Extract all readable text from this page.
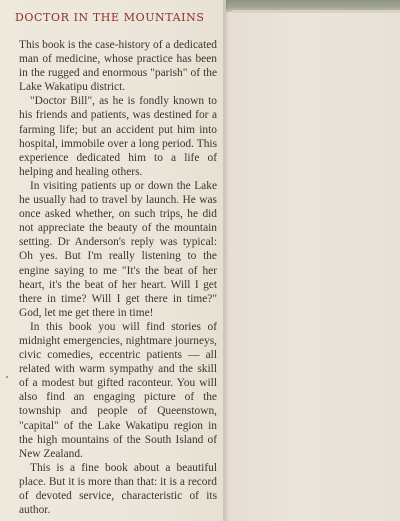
DOCTOR IN THE MOUNTAINS

This book is the case-history of a dedicated man of medicine, whose practice has been in the rugged and enormous "parish" of the Lake Wakatipu district.

"Doctor Bill", as he is fondly known to his friends and patients, was destined for a farming life; but an accident put him into hospital, immobile over a long period. This experience dedicated him to a life of helping and healing others.

In visiting patients up or down the Lake he usually had to travel by launch. He was once asked whether, on such trips, he did not appreciate the beauty of the mountain setting. Dr Anderson's reply was typical: Oh yes. But I'm really listening to the engine saying to me "It's the beat of her heart, it's the beat of her heart. Will I get there in time? Will I get there in time?" God, let me get there in time!

In this book you will find stories of midnight emergencies, nightmare journeys, civic comedies, eccentric patients — all related with warm sympathy and the skill of a modest but gifted raconteur. You will also find an engaging picture of the township and people of Queenstown, "capital" of the Lake Wakatipu region in the high mountains of the South Island of New Zealand.

This is a fine book about a beautiful place. But it is more than that: it is a record of devoted service, characteristic of its author.
